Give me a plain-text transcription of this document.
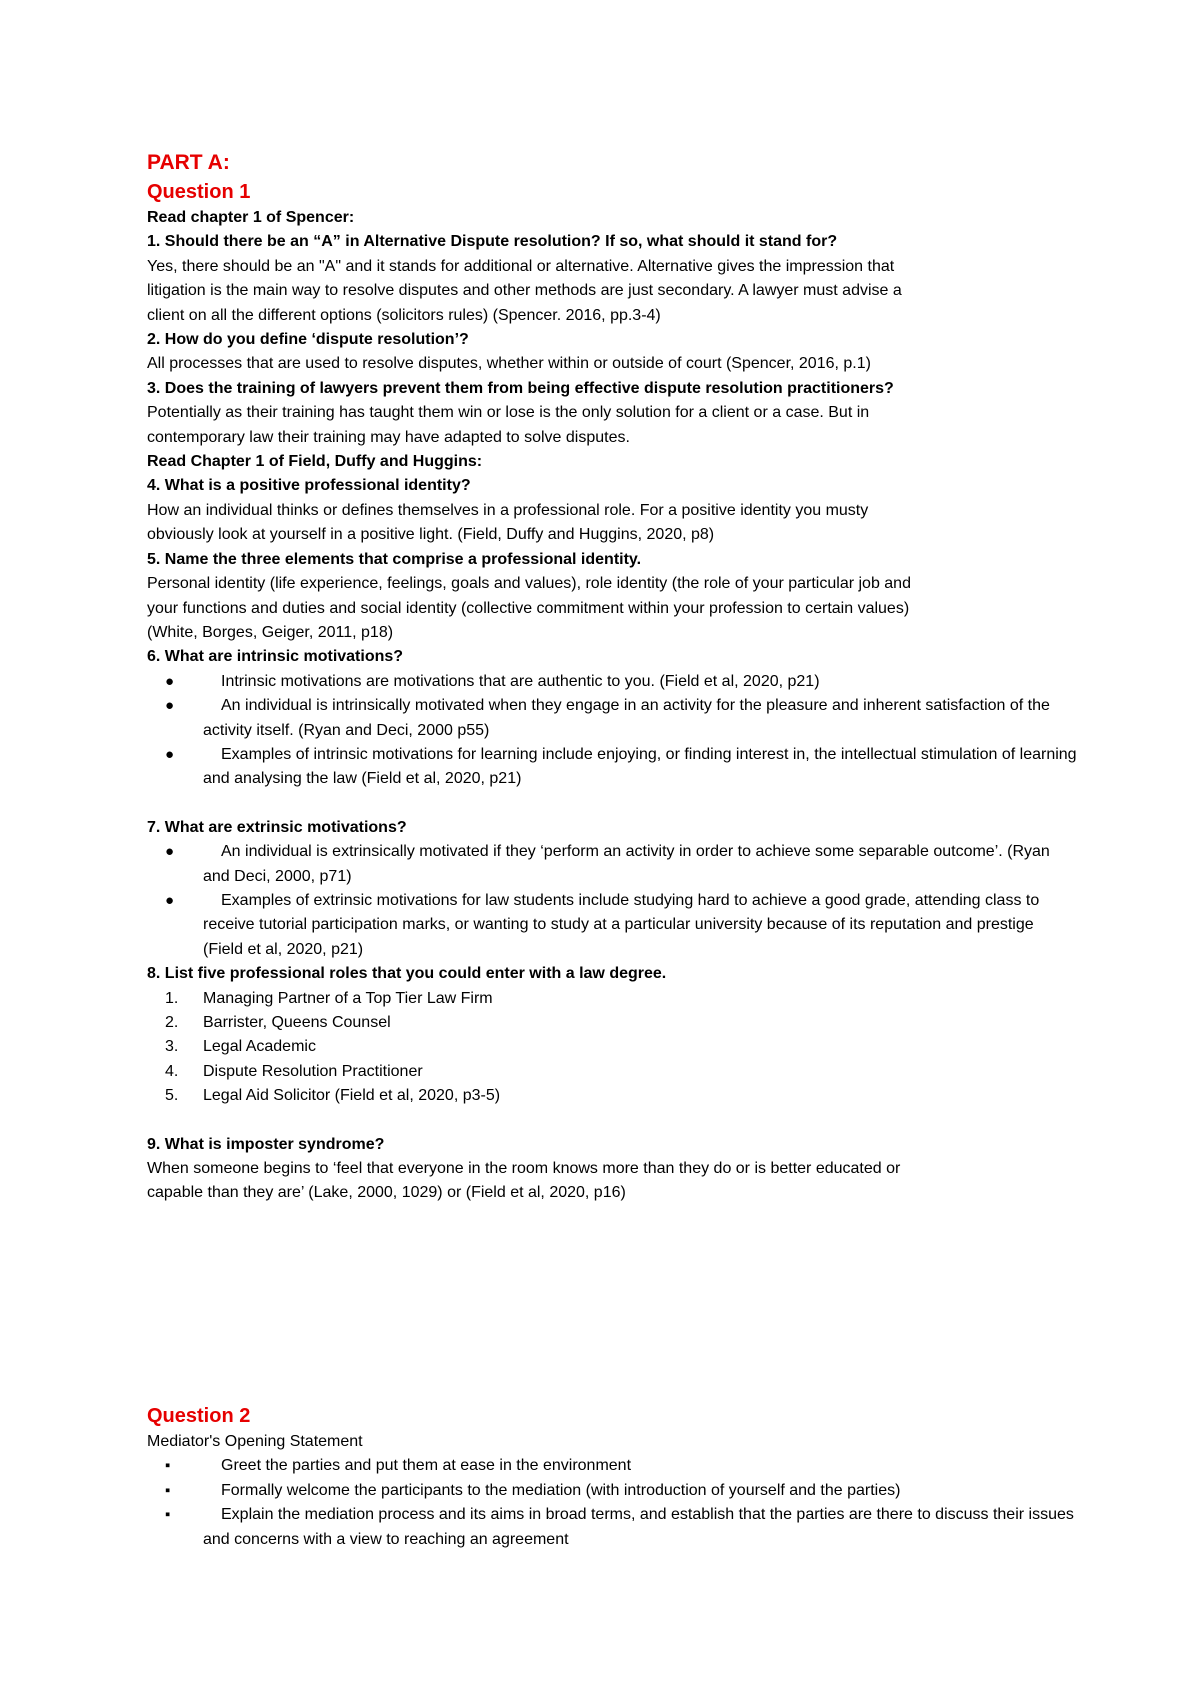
PART A:

Question 1

Read chapter 1 of Spencer:

1. Should there be an “A” in Alternative Dispute resolution? If so, what should it stand for?

Yes, there should be an "A" and it stands for additional or alternative. Alternative gives the impression that

litigation is the main way to resolve disputes and other methods are just secondary. A lawyer must advise a

client on all the different options (solicitors rules) (Spencer. 2016, pp.3-4)

2. How do you define ‘dispute resolution’?

All processes that are used to resolve disputes, whether within or outside of court (Spencer, 2016, p.1)

3. Does the training of lawyers prevent them from being effective dispute resolution practitioners?

Potentially as their training has taught them win or lose is the only solution for a client or a case. But in

contemporary law their training may have adapted to solve disputes.

Read Chapter 1 of Field, Duffy and Huggins:

4. What is a positive professional identity?

How an individual thinks or defines themselves in a professional role. For a positive identity you musty

obviously look at yourself in a positive light. (Field, Duffy and Huggins, 2020, p8)

5. Name the three elements that comprise a professional identity.

Personal identity (life experience, feelings, goals and values), role identity (the role of your particular job and

your functions and duties and social identity (collective commitment within your profession to certain values)

(White, Borges, Geiger, 2011, p18)

6. What are intrinsic motivations?

●	Intrinsic motivations are motivations that are authentic to you. (Field et al, 2020, p21)
●	An individual is intrinsically motivated when they engage in an activity for the pleasure and inherent satisfaction of the activity itself. (Ryan and Deci, 2000 p55)
●	Examples of intrinsic motivations for learning include enjoying, or finding interest in, the intellectual stimulation of learning and analysing the law (Field et al, 2020, p21)

7. What are extrinsic motivations?

●	An individual is extrinsically motivated if they ‘perform an activity in order to achieve some separable outcome’. (Ryan and Deci, 2000, p71)
●	Examples of extrinsic motivations for law students include studying hard to achieve a good grade, attending class to receive tutorial participation marks, or wanting to study at a particular university because of its reputation and prestige (Field et al, 2020, p21)

8. List five professional roles that you could enter with a law degree.

1. Managing Partner of a Top Tier Law Firm
2. Barrister, Queens Counsel
3. Legal Academic
4. Dispute Resolution Practitioner
5. Legal Aid Solicitor (Field et al, 2020, p3-5)

9. What is imposter syndrome?

When someone begins to ‘feel that everyone in the room knows more than they do or is better educated or

capable than they are’ (Lake, 2000, 1029) or (Field et al, 2020, p16)

Question 2

Mediator's Opening Statement

▪	Greet the parties and put them at ease in the environment
▪	Formally welcome the participants to the mediation (with introduction of yourself and the parties)
▪	Explain the mediation process and its aims in broad terms, and establish that the parties are there to discuss their issues and concerns with a view to reaching an agreement
